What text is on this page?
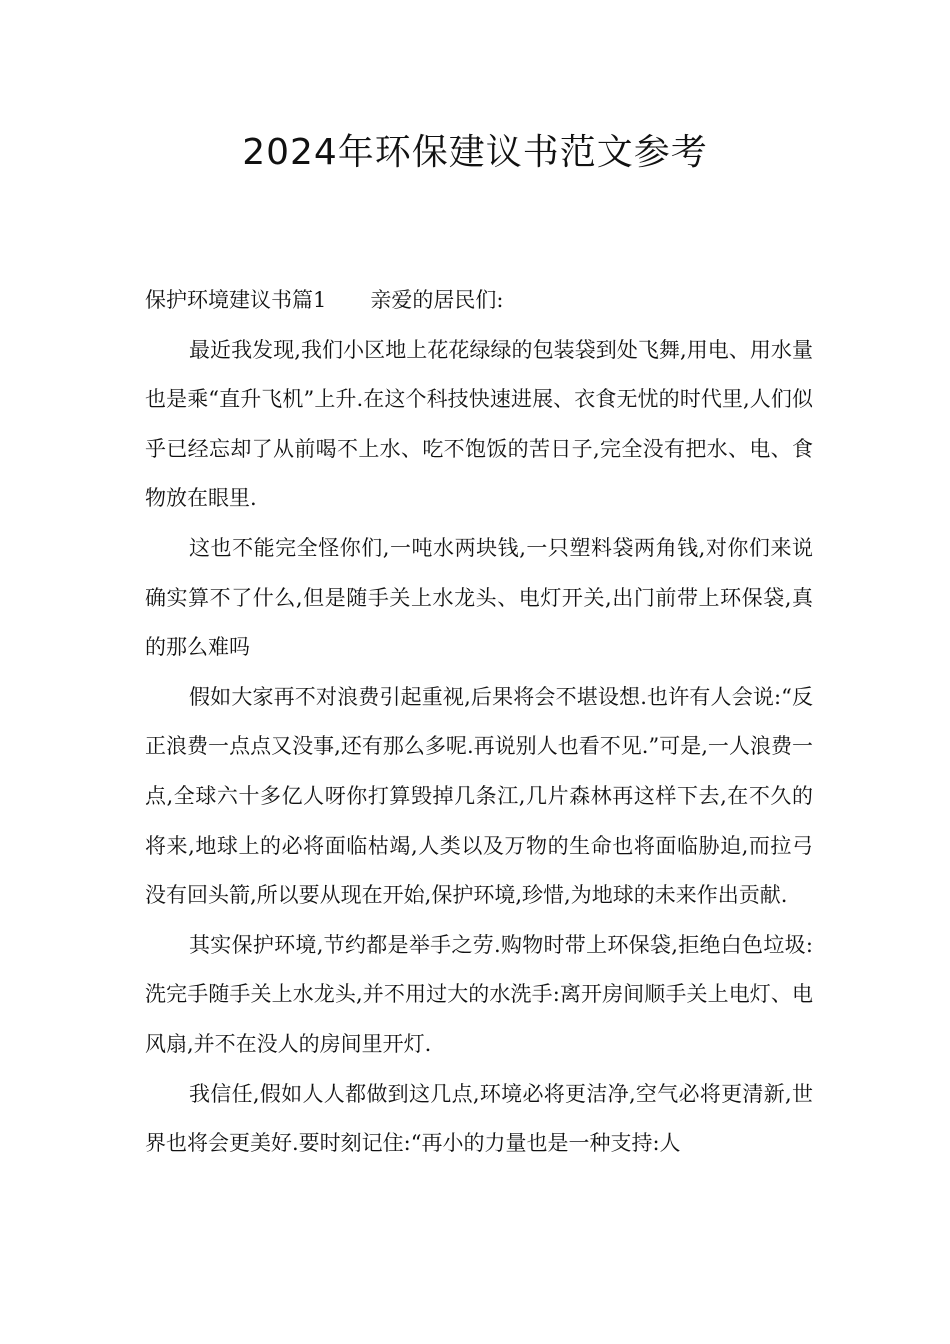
2024年环保建议书范文参考

保护环境建议书篇1 亲爱的居民们:

最近我发现,我们小区地上花花绿绿的包装袋到处飞舞,用电、用水量也是乘“直升飞机”上升.在这个科技快速进展、衣食无忧的时代里,人们似乎已经忘却了从前喝不上水、吃不饱饭的苦日子,完全没有把水、电、食物放在眼里.

这也不能完全怪你们,一吨水两块钱,一只塑料袋两角钱,对你们来说确实算不了什么,但是随手关上水龙头、电灯开关,出门前带上环保袋,真的那么难吗

假如大家再不对浪费引起重视,后果将会不堪设想.也许有人会说:“反正浪费一点点又没事,还有那么多呢.再说别人也看不见.”可是,一人浪费一点,全球六十多亿人呀你打算毁掉几条江,几片森林再这样下去,在不久的将来,地球上的必将面临枯竭,人类以及万物的生命也将面临胁迫,而拉弓没有回头箭,所以要从现在开始,保护环境,珍惜,为地球的未来作出贡献.

其实保护环境,节约都是举手之劳.购物时带上环保袋,拒绝白色垃圾:洗完手随手关上水龙头,并不用过大的水洗手:离开房间顺手关上电灯、电风扇,并不在没人的房间里开灯.

我信任,假如人人都做到这几点,环境必将更洁净,空气必将更清新,世界也将会更美好.要时刻记住:“再小的力量也是一种支持:人
